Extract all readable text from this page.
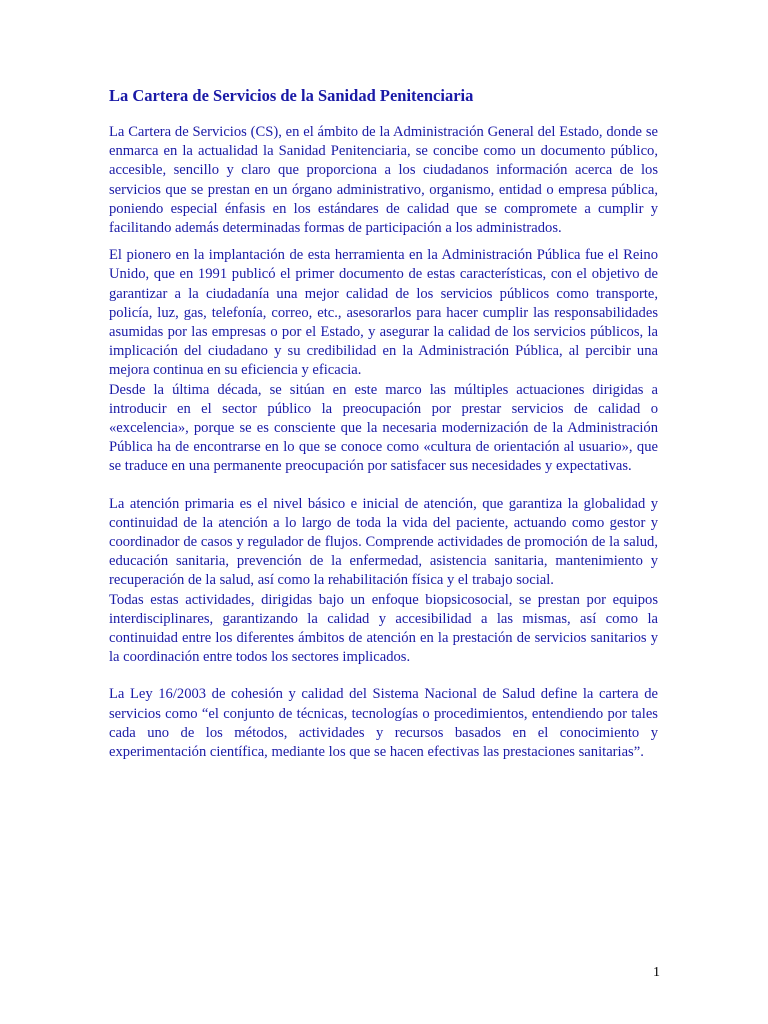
La Cartera de Servicios de la Sanidad Penitenciaria

La Cartera de Servicios (CS), en el ámbito de la Administración General del Estado, donde se enmarca en la actualidad la Sanidad Penitenciaria, se concibe como un documento público, accesible, sencillo y claro que proporciona a los ciudadanos información acerca de los servicios que se prestan en un órgano administrativo, organismo, entidad o empresa pública, poniendo especial énfasis en los estándares de calidad que se compromete a cumplir y facilitando además determinadas formas de participación a los administrados.

El pionero en la implantación de esta herramienta en la Administración Pública fue el Reino Unido, que en 1991 publicó el primer documento de estas características, con el objetivo de garantizar a la ciudadanía una mejor calidad de los servicios públicos como transporte, policía, luz, gas, telefonía, correo, etc., asesorarlos para hacer cumplir las responsabilidades asumidas por las empresas o por el Estado, y asegurar la calidad de los servicios públicos, la implicación del ciudadano y su credibilidad en la Administración Pública, al percibir una mejora continua en su eficiencia y eficacia.

Desde la última década, se sitúan en este marco las múltiples actuaciones dirigidas a introducir en el sector público la preocupación por prestar servicios de calidad o «excelencia», porque se es consciente que la necesaria modernización de la Administración Pública ha de encontrarse en lo que se conoce como «cultura de orientación al usuario», que se traduce en una permanente preocupación por satisfacer sus necesidades y expectativas.

La atención primaria es el nivel básico e inicial de atención, que garantiza la globalidad y continuidad de la atención a lo largo de toda la vida del paciente, actuando como gestor y coordinador de casos y regulador de flujos. Comprende actividades de promoción de la salud, educación sanitaria, prevención de la enfermedad, asistencia sanitaria, mantenimiento y recuperación de la salud, así como la rehabilitación física y el trabajo social.

Todas estas actividades, dirigidas bajo un enfoque biopsicosocial, se prestan por equipos interdisciplinares, garantizando la calidad y accesibilidad a las mismas, así como la continuidad entre los diferentes ámbitos de atención en la prestación de servicios sanitarios y la coordinación entre todos los sectores implicados.

La Ley 16/2003 de cohesión y calidad del Sistema Nacional de Salud define la cartera de servicios como “el conjunto de técnicas, tecnologías o procedimientos, entendiendo por tales cada uno de los métodos, actividades y recursos basados en el conocimiento y experimentación científica, mediante los que se hacen efectivas las prestaciones sanitarias”.

1
